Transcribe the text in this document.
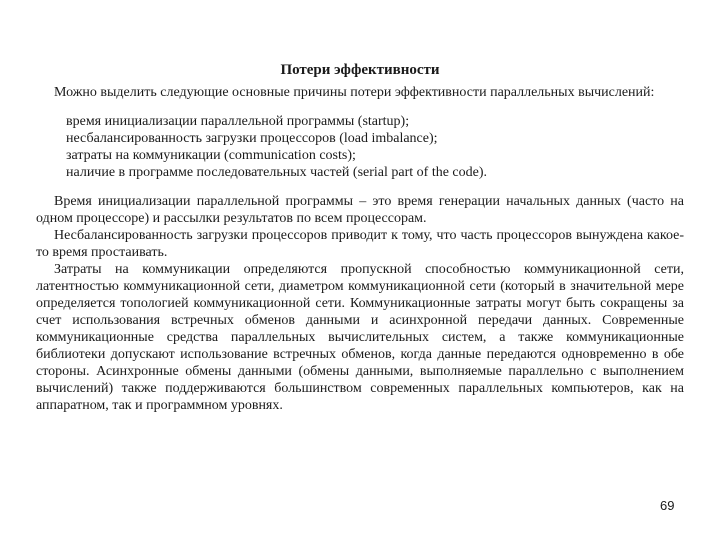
Потери эффективности

Можно выделить следующие основные причины потери эффективности параллельных вычислений:

время инициализации параллельной программы (startup);
несбалансированность загрузки процессоров (load imbalance);
затраты на коммуникации (communication costs);
наличие в программе последовательных частей (serial part of the code).

Время инициализации параллельной программы – это время генерации начальных данных (часто на одном процессоре) и рассылки результатов по всем процессорам.

Несбалансированность загрузки процессоров приводит к тому, что часть процессоров вынуждена какое-то время простаивать.

Затраты на коммуникации определяются пропускной способностью коммуникационной сети, латентностью коммуникационной сети, диаметром коммуникационной сети (который в значительной мере определяется топологией коммуникационной сети. Коммуникационные затраты могут быть сокращены за счет использования встречных обменов данными и асинхронной передачи данных. Современные коммуникационные средства параллельных вычислительных систем, а также коммуникационные библиотеки допускают использование встречных обменов, когда данные передаются одновременно в обе стороны. Асинхронные обмены данными (обмены данными, выполняемые параллельно с выполнением вычислений) также поддерживаются большинством современных параллельных компьютеров, как на аппаратном, так и программном уровнях.

69
